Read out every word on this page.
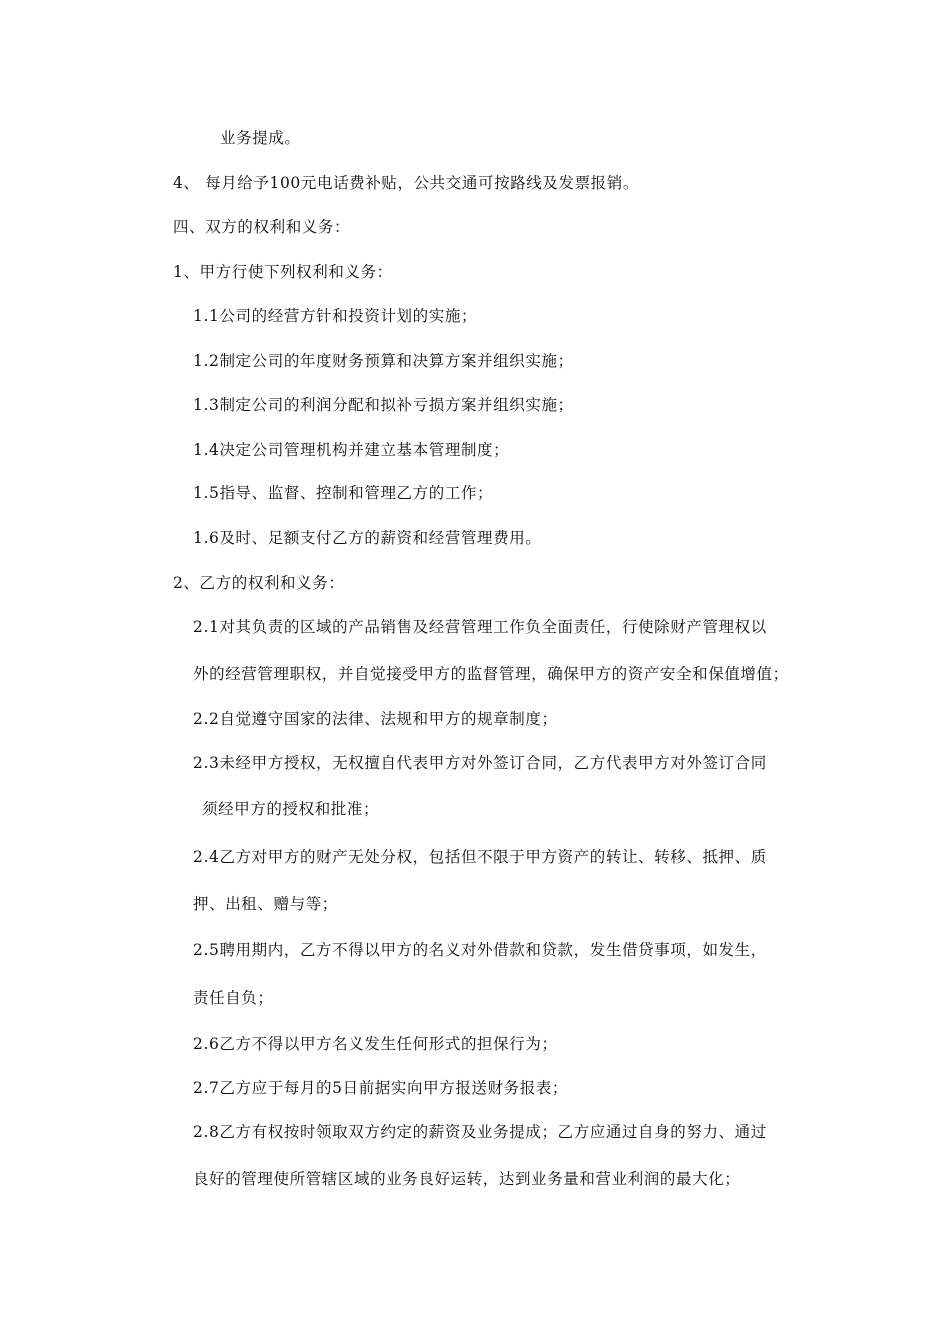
业务提成。
4、 每月给予100元电话费补贴，公共交通可按路线及发票报销。
四、双方的权利和义务：
1、甲方行使下列权利和义务：
1.1公司的经营方针和投资计划的实施；
1.2制定公司的年度财务预算和决算方案并组织实施；
1.3制定公司的利润分配和拟补亏损方案并组织实施；
1.4决定公司管理机构并建立基本管理制度；
1.5指导、监督、控制和管理乙方的工作；
1.6及时、足额支付乙方的薪资和经营管理费用。
2、乙方的权利和义务：
2.1对其负责的区域的产品销售及经营管理工作负全面责任，行使除财产管理权以
外的经营管理职权，并自觉接受甲方的监督管理，确保甲方的资产安全和保值增值；
2.2自觉遵守国家的法律、法规和甲方的规章制度；
2.3未经甲方授权，无权擅自代表甲方对外签订合同，乙方代表甲方对外签订合同
须经甲方的授权和批准；
2.4乙方对甲方的财产无处分权，包括但不限于甲方资产的转让、转移、抵押、质
押、出租、赠与等；
2.5聘用期内，乙方不得以甲方的名义对外借款和贷款，发生借贷事项，如发生，
责任自负；
2.6乙方不得以甲方名义发生任何形式的担保行为；
2.7乙方应于每月的5日前据实向甲方报送财务报表；
2.8乙方有权按时领取双方约定的薪资及业务提成；乙方应通过自身的努力、通过
良好的管理使所管辖区域的业务良好运转，达到业务量和营业利润的最大化；
